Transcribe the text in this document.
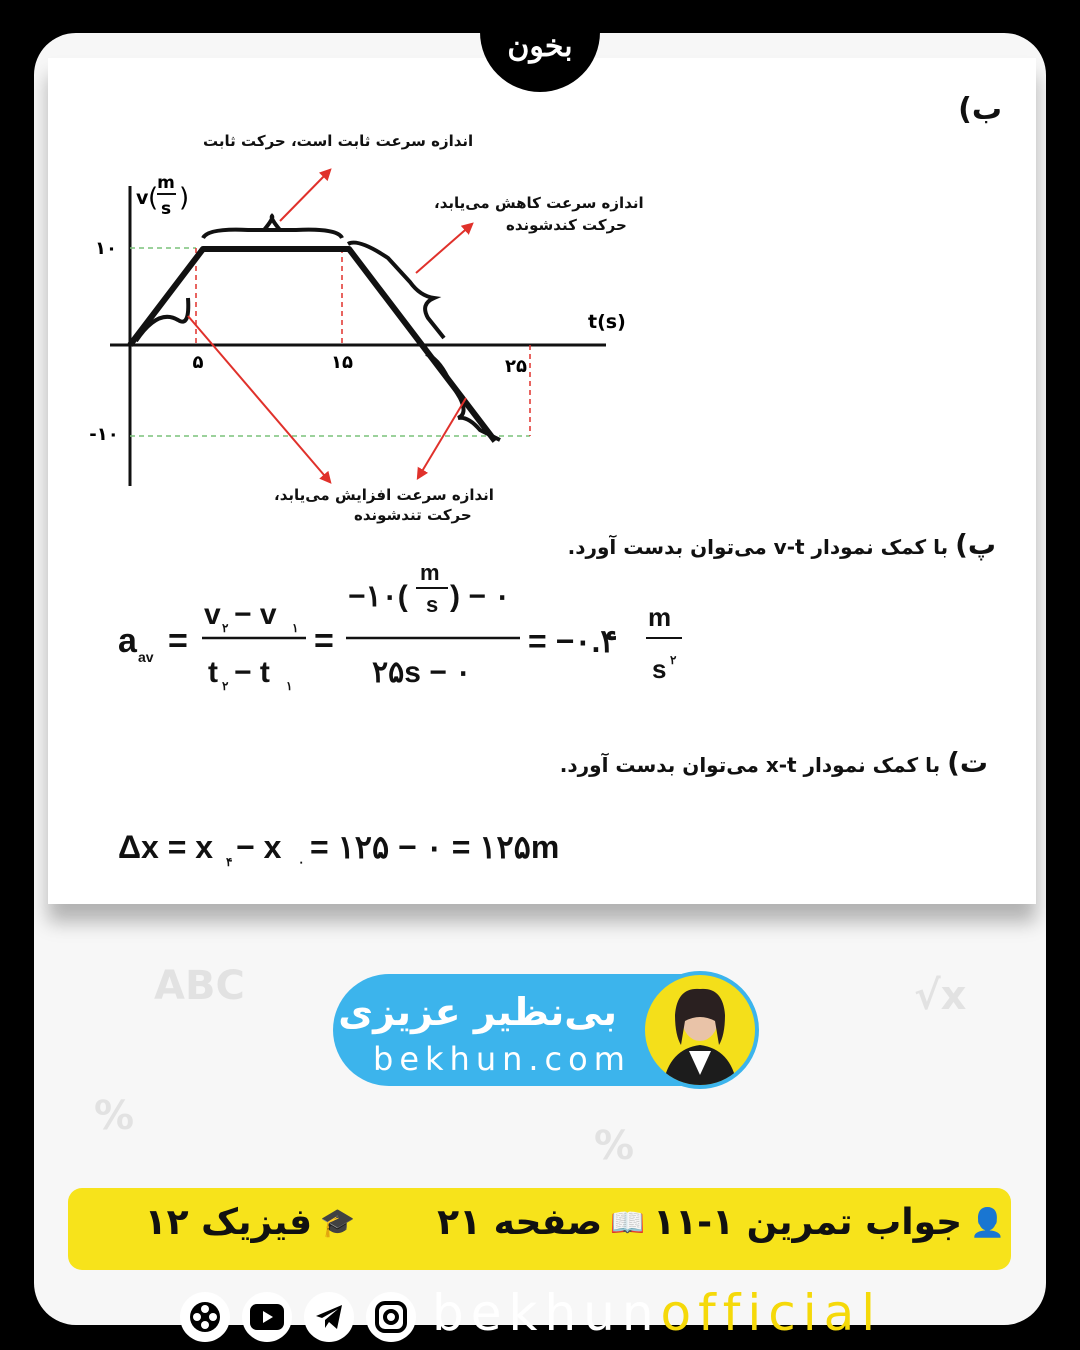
%
√x
%
ABC
بخون
ب)
۵	۱۵	۲۵
۱۰
-۱۰
t(s)
v (
m
s )
اندازه سرعت ثابت است، حرکت ثابت
اندازه سرعت کاهش می‌یابد،
حرکت کندشونده
اندازه سرعت افزایش می‌یابد،
حرکت تندشونده
پ) با کمک نمودار v-t می‌توان بدست آورد.
a av =
v ۲ − v ۱
t ۲ − t ۱
=
−۱۰(
m
s ) − ۰
۲۵s − ۰
= −۰.۴
m
s ۲
ت) با کمک نمودار x-t می‌توان بدست آورد.
Δx = x ۴ − x ۰ = ۱۲۵ − ۰ = ۱۲۵m
بی‌نظیر عزیزی
bekhun.com
👤
جواب تمرین ۱-۱۱
📖
صفحه ۲۱
🎓
فیزیک ۱۲
bekhunofficial
